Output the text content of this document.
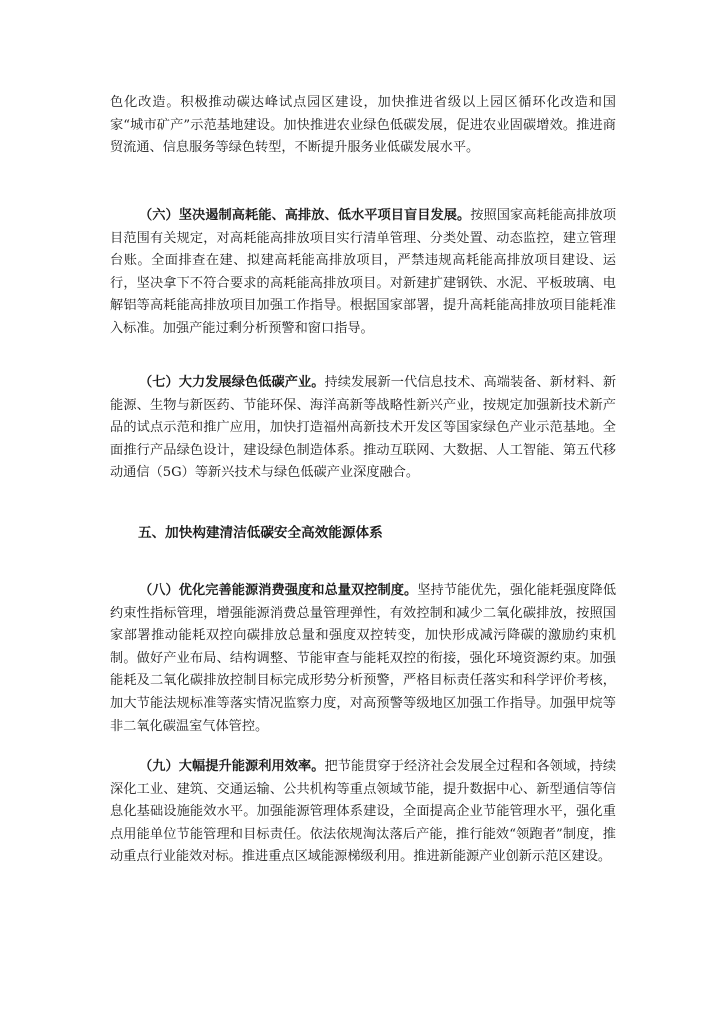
色化改造。积极推动碳达峰试点园区建设，加快推进省级以上园区循环化改造和国家“城市矿产”示范基地建设。加快推进农业绿色低碳发展，促进农业固碳增效。推进商贸流通、信息服务等绿色转型，不断提升服务业低碳发展水平。

（六）坚决遏制高耗能、高排放、低水平项目盲目发展。按照国家高耗能高排放项目范围有关规定，对高耗能高排放项目实行清单管理、分类处置、动态监控，建立管理台账。全面排查在建、拟建高耗能高排放项目，严禁违规高耗能高排放项目建设、运行，坚决拿下不符合要求的高耗能高排放项目。对新建扩建钢铁、水泥、平板玻璃、电解铝等高耗能高排放项目加强工作指导。根据国家部署，提升高耗能高排放项目能耗准入标准。加强产能过剩分析预警和窗口指导。

（七）大力发展绿色低碳产业。持续发展新一代信息技术、高端装备、新材料、新能源、生物与新医药、节能环保、海洋高新等战略性新兴产业，按规定加强新技术新产品的试点示范和推广应用，加快打造福州高新技术开发区等国家绿色产业示范基地。全面推行产品绿色设计，建设绿色制造体系。推动互联网、大数据、人工智能、第五代移动通信（5G）等新兴技术与绿色低碳产业深度融合。

五、加快构建清洁低碳安全高效能源体系

（八）优化完善能源消费强度和总量双控制度。坚持节能优先，强化能耗强度降低约束性指标管理，增强能源消费总量管理弹性，有效控制和减少二氧化碳排放，按照国家部署推动能耗双控向碳排放总量和强度双控转变，加快形成减污降碳的激励约束机制。做好产业布局、结构调整、节能审查与能耗双控的衔接，强化环境资源约束。加强能耗及二氧化碳排放控制目标完成形势分析预警，严格目标责任落实和科学评价考核，加大节能法规标准等落实情况监察力度，对高预警等级地区加强工作指导。加强甲烷等非二氧化碳温室气体管控。

（九）大幅提升能源利用效率。把节能贯穿于经济社会发展全过程和各领域，持续深化工业、建筑、交通运输、公共机构等重点领域节能，提升数据中心、新型通信等信息化基础设施能效水平。加强能源管理体系建设，全面提高企业节能管理水平，强化重点用能单位节能管理和目标责任。依法依规淘汰落后产能，推行能效“领跑者”制度，推动重点行业能效对标。推进重点区域能源梯级利用。推进新能源产业创新示范区建设。
